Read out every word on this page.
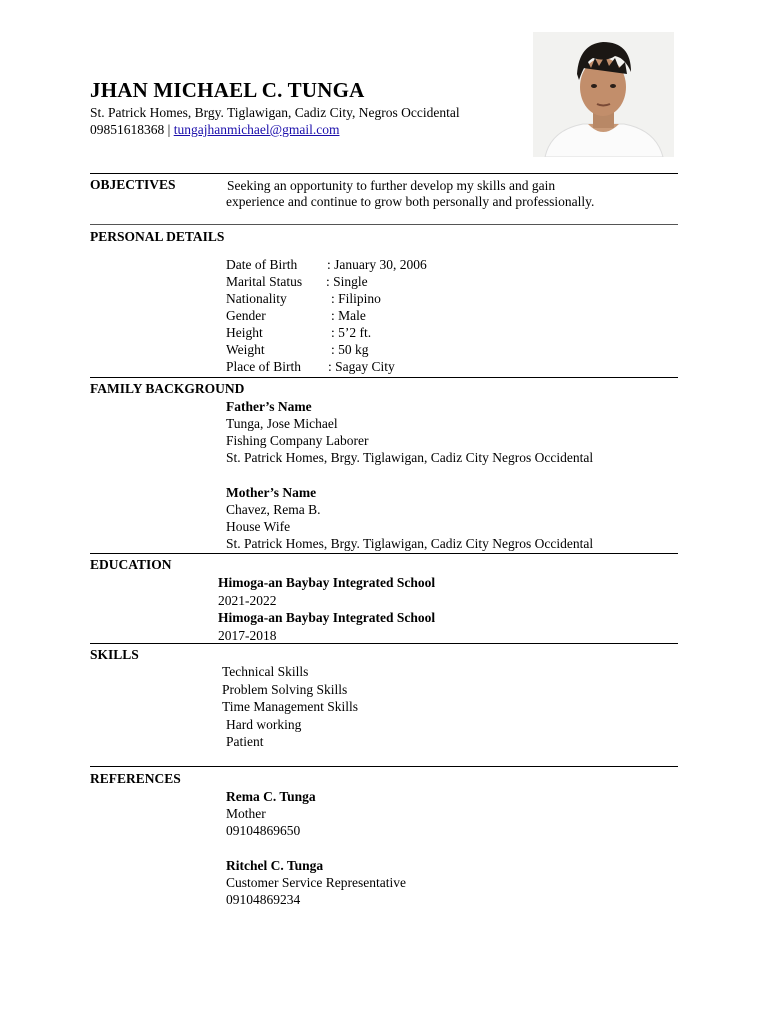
JHAN MICHAEL C. TUNGA
St. Patrick Homes, Brgy. Tiglawigan, Cadiz City, Negros Occidental
09851618368 | tungajhanmichael@gmail.com
OBJECTIVES	Seeking an opportunity to further develop my skills and gain
experience and continue to grow both personally and professionally.
PERSONAL DETAILS
Date of Birth : January 30, 2006
Marital Status : Single
Nationality	: Filipino
Gender	: Male
Height	: 5’2 ft.
Weight	: 50 kg
Place of Birth : Sagay City
FAMILY BACKGROUND
Father’s Name
Tunga, Jose Michael
Fishing Company Laborer
St. Patrick Homes, Brgy. Tiglawigan, Cadiz City Negros Occidental
Mother’s Name
Chavez, Rema B.
House Wife
St. Patrick Homes, Brgy. Tiglawigan, Cadiz City Negros Occidental
EDUCATION
Himoga-an Baybay Integrated School
2021-2022
Himoga-an Baybay Integrated School
2017-2018
SKILLS
Technical Skills
Problem Solving Skills
Time Management Skills
Hard working
Patient
REFERENCES
Rema C. Tunga
Mother
09104869650
Ritchel C. Tunga
Customer Service Representative
09104869234
